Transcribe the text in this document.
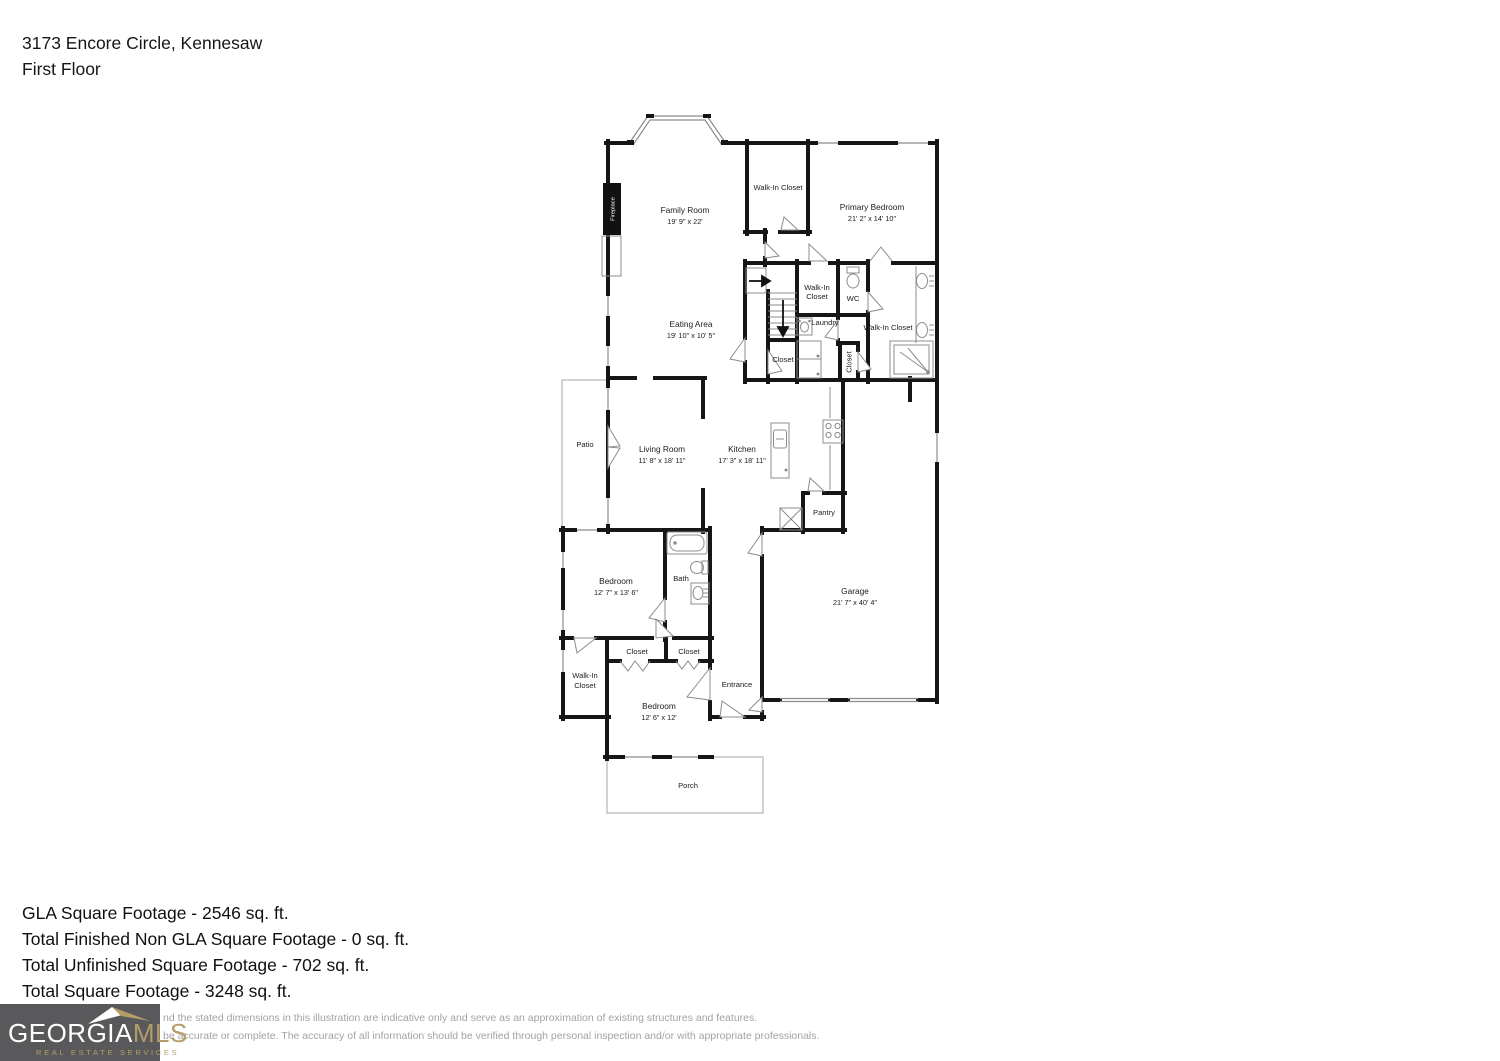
3173 Encore Circle, Kennesaw
First Floor
Family Room
19' 9" x 22'
Fireplace
Walk-In Closet
Primary Bedroom
21' 2" x 14' 10"
Walk-In
Closet WC
Laundry
Closet	Closet
Walk-In Closet
Eating Area
19' 10" x 10' 5"
Patio	Living Room
11' 8" x 18' 11"
Kitchen
17' 3" x 18' 11"
Pantry
Garage
21' 7" x 40' 4"
Bedroom
12' 7" x 13' 6"
Bath
Closet	Closet
Walk-In
Closet
Bedroom
12' 6" x 12'
Entrance
Porch
GLA Square Footage - 2546 sq. ft.
Total Finished Non GLA Square Footage - 0 sq. ft.
Total Unfinished Square Footage - 702 sq. ft.
Total Square Footage - 3248 sq. ft.
nd the stated dimensions in this illustration are indicative only and serve as an approximation of existing structures and features.
be accurate or complete. The accuracy of all information should be verified through personal inspection and/or with appropriate professionals.
GEORGIAMLS
REAL ESTATE SERVICES
